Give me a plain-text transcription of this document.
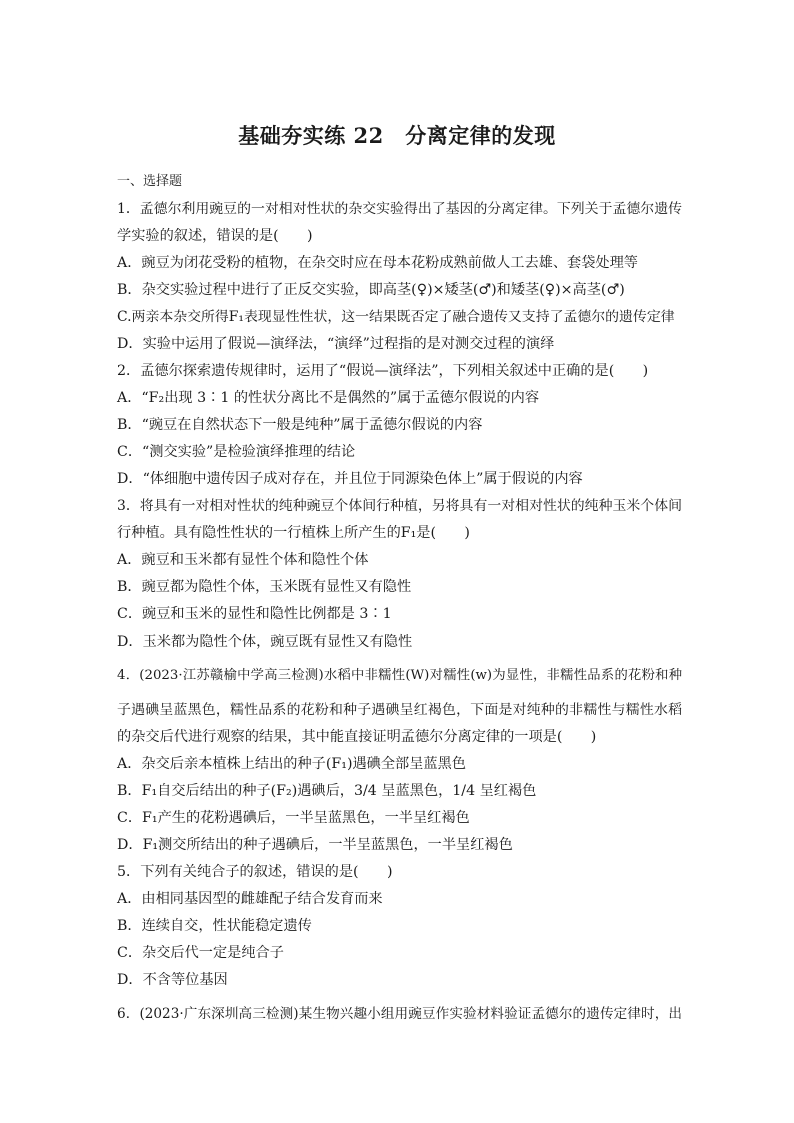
基础夯实练 22　分离定律的发现
一、选择题
1．孟德尔利用豌豆的一对相对性状的杂交实验得出了基因的分离定律。下列关于孟德尔遗传
学实验的叙述，错误的是(　　)
A．豌豆为闭花受粉的植物，在杂交时应在母本花粉成熟前做人工去雄、套袋处理等
B．杂交实验过程中进行了正反交实验，即高茎(♀)×矮茎(♂)和矮茎(♀)×高茎(♂)
C.两亲本杂交所得F₁表现显性性状，这一结果既否定了融合遗传又支持了孟德尔的遗传定律
D．实验中运用了假说—演绎法，“演绎”过程指的是对测交过程的演绎
2．孟德尔探索遗传规律时，运用了“假说—演绎法”，下列相关叙述中正确的是(　　)
A．“F₂出现 3∶1 的性状分离比不是偶然的”属于孟德尔假说的内容
B．“豌豆在自然状态下一般是纯种”属于孟德尔假说的内容
C．“测交实验”是检验演绎推理的结论
D．“体细胞中遗传因子成对存在，并且位于同源染色体上”属于假说的内容
3．将具有一对相对性状的纯种豌豆个体间行种植，另将具有一对相对性状的纯种玉米个体间
行种植。具有隐性性状的一行植株上所产生的F₁是(　　)
A．豌豆和玉米都有显性个体和隐性个体
B．豌豆都为隐性个体，玉米既有显性又有隐性
C．豌豆和玉米的显性和隐性比例都是 3∶1
D．玉米都为隐性个体，豌豆既有显性又有隐性
4．(2023·江苏赣榆中学高三检测)水稻中非糯性(W)对糯性(w)为显性，非糯性品系的花粉和种
子遇碘呈蓝黑色，糯性品系的花粉和种子遇碘呈红褐色，下面是对纯种的非糯性与糯性水稻
的杂交后代进行观察的结果，其中能直接证明孟德尔分离定律的一项是(　　)
A．杂交后亲本植株上结出的种子(F₁)遇碘全部呈蓝黑色
B．F₁自交后结出的种子(F₂)遇碘后，3/4 呈蓝黑色，1/4 呈红褐色
C．F₁产生的花粉遇碘后，一半呈蓝黑色，一半呈红褐色
D．F₁测交所结出的种子遇碘后，一半呈蓝黑色，一半呈红褐色
5．下列有关纯合子的叙述，错误的是(　　)
A．由相同基因型的雌雄配子结合发育而来
B．连续自交，性状能稳定遗传
C．杂交后代一定是纯合子
D．不含等位基因
6．(2023·广东深圳高三检测)某生物兴趣小组用豌豆作实验材料验证孟德尔的遗传定律时，出
